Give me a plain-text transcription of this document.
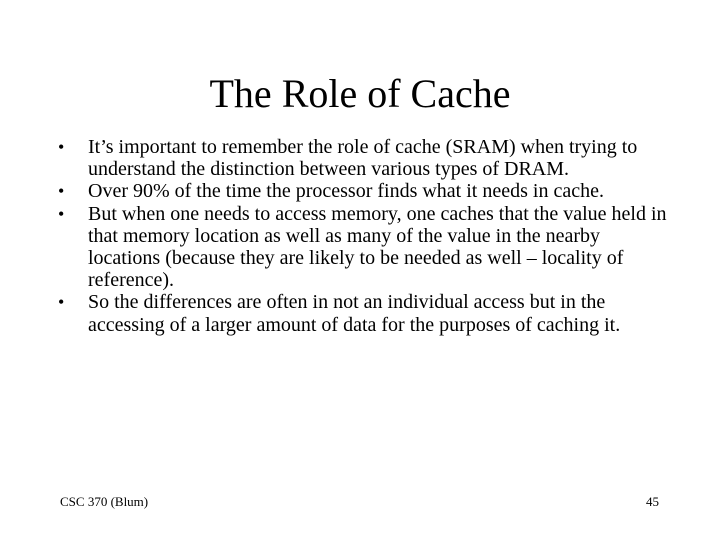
The Role of Cache
• It’s important to remember the role of cache (SRAM) when trying to understand the distinction between various types of DRAM.
• Over 90% of the time the processor finds what it needs in cache.
• But when one needs to access memory, one caches that the value held in that memory location as well as many of the value in the nearby locations (because they are likely to be needed as well – locality of reference).
• So the differences are often in not an individual access but in the accessing of a larger amount of data for the purposes of caching it.
CSC 370 (Blum)	45
